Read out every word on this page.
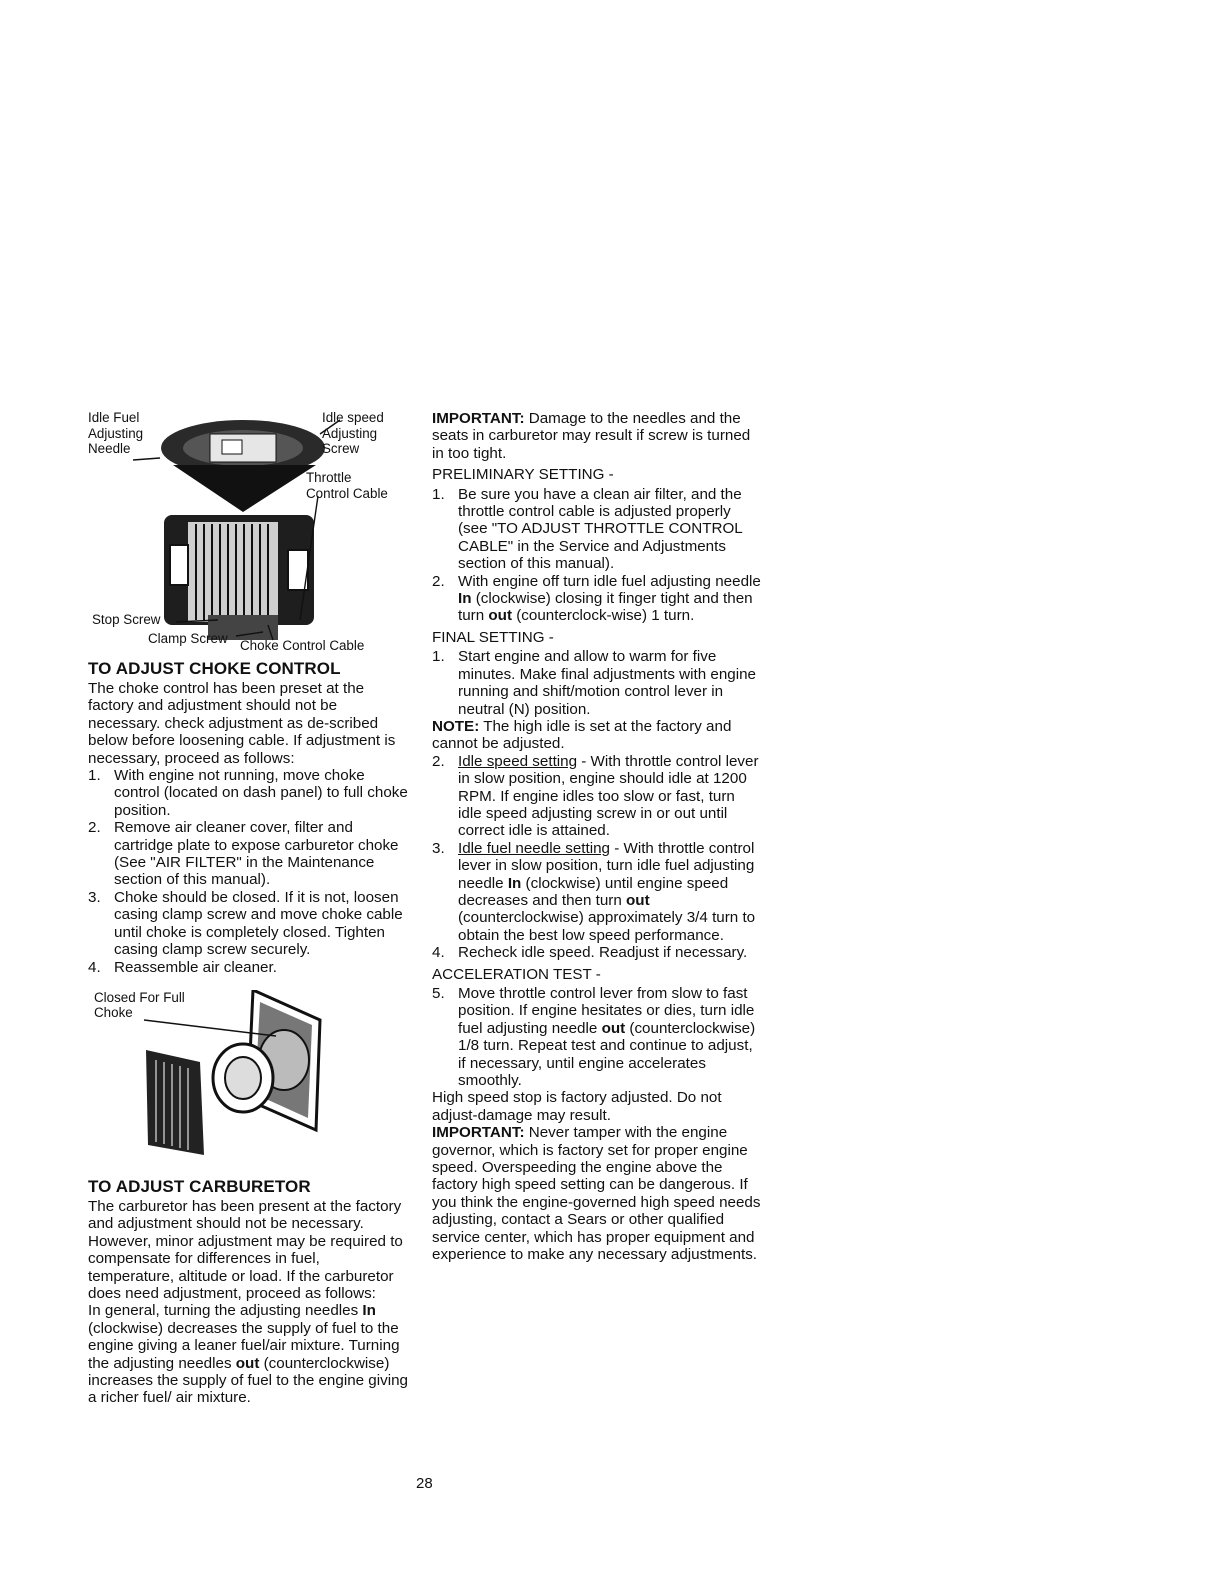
Idle Fuel
Adjusting
Needle
Idle speed
Adjusting
Screw
Throttle
Control Cable
Stop Screw
Clamp Screw Choke Control Cable
TO ADJUST CHOKE CONTROL

The choke control has been preset at the factory and adjustment should not be necessary. check adjustment as de-scribed below before loosening cable. If adjustment is necessary, proceed as follows:

1. With engine not running, move choke control (located on dash panel) to full choke position.
2. Remove air cleaner cover, filter and cartridge plate to expose carburetor choke (See "AIR FILTER" in the Maintenance section of this manual).
3. Choke should be closed. If it is not, loosen casing clamp screw and move choke cable until choke is completely closed. Tighten casing clamp screw securely.
4. Reassemble air cleaner.
Closed For Full
Choke
TO ADJUST CARBURETOR

The carburetor has been present at the factory and adjustment should not be necessary. However, minor adjustment may be required to compensate for differences in fuel, temperature, altitude or load. If the carburetor does need adjustment, proceed as follows:

In general, turning the adjusting needles In (clockwise) decreases the supply of fuel to the engine giving a leaner fuel/air mixture. Turning the adjusting needles out (counterclockwise) increases the supply of fuel to the engine giving a richer fuel/ air mixture.

IMPORTANT: Damage to the needles and the seats in carburetor may result if screw is turned in too tight.

PRELIMINARY SETTING -
1. Be sure you have a clean air filter, and the throttle control cable is adjusted properly (see "TO ADJUST THROTTLE CONTROL CABLE" in the Service and Adjustments section of this manual).
2. With engine off turn idle fuel adjusting needle In (clockwise) closing it finger tight and then turn out (counterclock-wise) 1 turn.
FINAL SETTING -
1. Start engine and allow to warm for five minutes. Make final adjustments with engine running and shift/motion control lever in neutral (N) position.

NOTE: The high idle is set at the factory and cannot be adjusted.

2. Idle speed setting - With throttle control lever in slow position, engine should idle at 1200 RPM. If engine idles too slow or fast, turn idle speed adjusting screw in or out until correct idle is attained.
3. Idle fuel needle setting - With throttle control lever in slow position, turn idle fuel adjusting needle In (clockwise) until engine speed decreases and then turn out (counterclockwise) approximately 3/4 turn to obtain the best low speed performance.
4. Recheck idle speed. Readjust if necessary.
ACCELERATION TEST -
5. Move throttle control lever from slow to fast position. If engine hesitates or dies, turn idle fuel adjusting needle out (counterclockwise) 1/8 turn. Repeat test and continue to adjust, if necessary, until engine accelerates smoothly.

High speed stop is factory adjusted. Do not adjust-damage may result.

IMPORTANT: Never tamper with the engine governor, which is factory set for proper engine speed. Overspeeding the engine above the factory high speed setting can be dangerous. If you think the engine-governed high speed needs adjusting, contact a Sears or other qualified service center, which has proper equipment and experience to make any necessary adjustments.

28
